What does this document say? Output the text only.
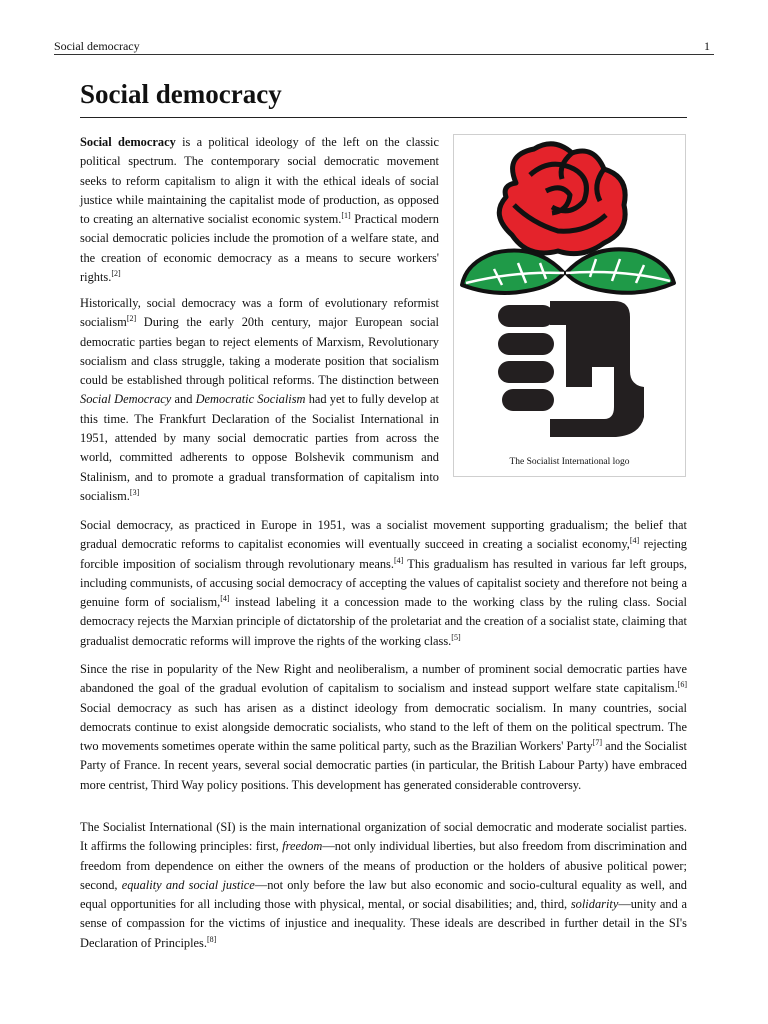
Social democracy	1
Social democracy

Social democracy is a political ideology of the left on the classic political spectrum. The contemporary social democratic movement seeks to reform capitalism to align it with the ethical ideals of social justice while maintaining the capitalist mode of production, as opposed to creating an alternative socialist economic system.[1] Practical modern social democratic policies include the promotion of a welfare state, and the creation of economic democracy as a means to secure workers' rights.[2]

Historically, social democracy was a form of evolutionary reformist socialism[2] During the early 20th century, major European social democratic parties began to reject elements of Marxism, Revolutionary socialism and class struggle, taking a moderate position that socialism could be established through political reforms. The distinction between Social Democracy and Democratic Socialism had yet to fully develop at this time. The Frankfurt Declaration of the Socialist International in 1951, attended by many social democratic parties from across the world, committed adherents to oppose Bolshevik communism and Stalinism, and to promote a gradual transformation of capitalism into socialism.[3]

The Socialist International logo

Social democracy, as practiced in Europe in 1951, was a socialist movement supporting gradualism; the belief that gradual democratic reforms to capitalist economies will eventually succeed in creating a socialist economy,[4] rejecting forcible imposition of socialism through revolutionary means.[4] This gradualism has resulted in various far left groups, including communists, of accusing social democracy of accepting the values of capitalist society and therefore not being a genuine form of socialism,[4] instead labeling it a concession made to the working class by the ruling class. Social democracy rejects the Marxian principle of dictatorship of the proletariat and the creation of a socialist state, claiming that gradualist democratic reforms will improve the rights of the working class.[5]

Since the rise in popularity of the New Right and neoliberalism, a number of prominent social democratic parties have abandoned the goal of the gradual evolution of capitalism to socialism and instead support welfare state capitalism.[6] Social democracy as such has arisen as a distinct ideology from democratic socialism. In many countries, social democrats continue to exist alongside democratic socialists, who stand to the left of them on the political spectrum. The two movements sometimes operate within the same political party, such as the Brazilian Workers' Party[7] and the Socialist Party of France. In recent years, several social democratic parties (in particular, the British Labour Party) have embraced more centrist, Third Way policy positions. This development has generated considerable controversy.

The Socialist International (SI) is the main international organization of social democratic and moderate socialist parties. It affirms the following principles: first, freedom—not only individual liberties, but also freedom from discrimination and freedom from dependence on either the owners of the means of production or the holders of abusive political power; second, equality and social justice—not only before the law but also economic and socio-cultural equality as well, and equal opportunities for all including those with physical, mental, or social disabilities; and, third, solidarity—unity and a sense of compassion for the victims of injustice and inequality. These ideals are described in further detail in the SI's Declaration of Principles.[8]
